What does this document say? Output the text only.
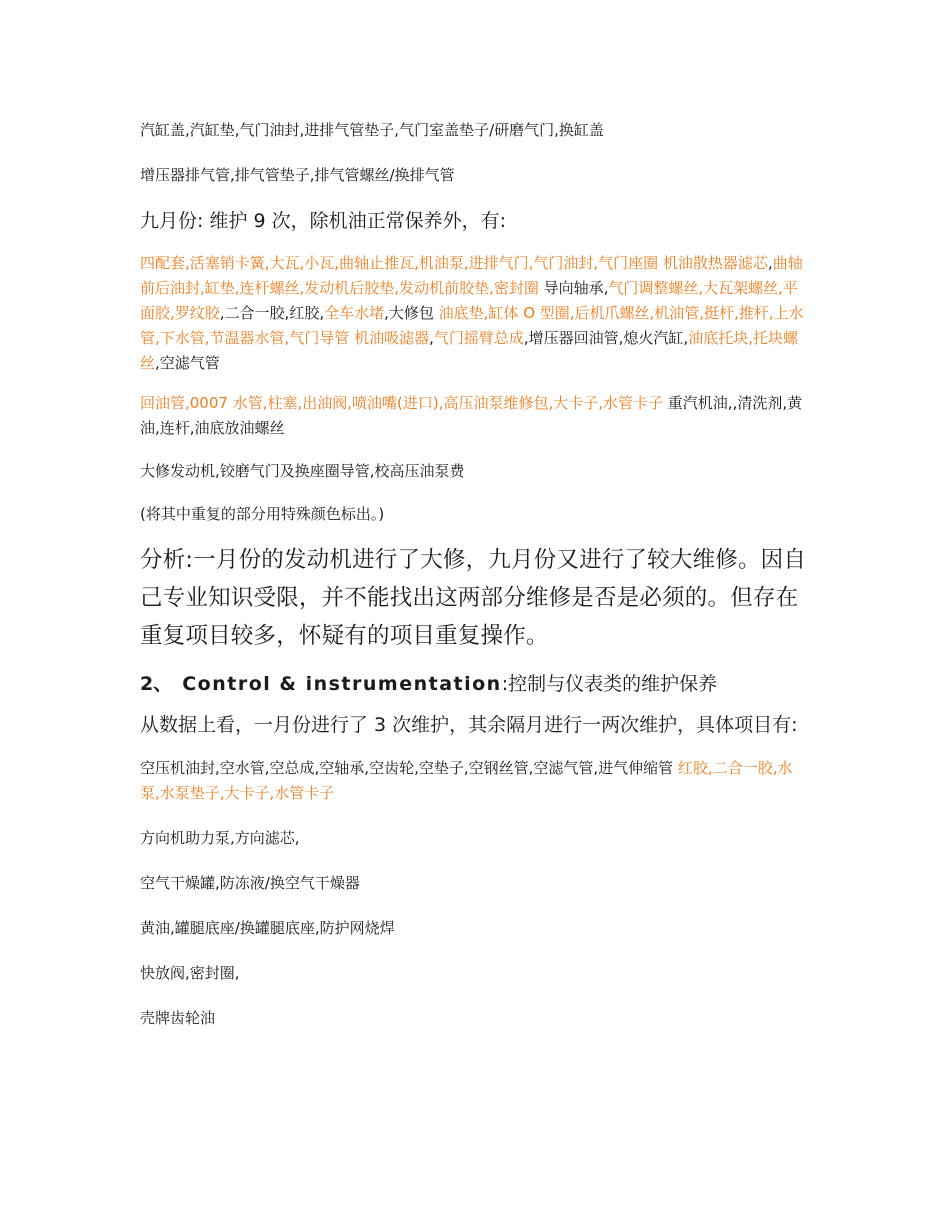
汽缸盖,汽缸垫,气门油封,进排气管垫子,气门室盖垫子/研磨气门,换缸盖

增压器排气管,排气管垫子,排气管螺丝/换排气管

九月份: 维护 9 次，除机油正常保养外，有:

四配套,活塞销卡簧,大瓦,小瓦,曲轴止推瓦,机油泵,进排气门,气门油封,气门座圈 机油散热器滤芯,曲轴前后油封,缸垫,连杆螺丝,发动机后胶垫,发动机前胶垫,密封圈 导向轴承,气门调整螺丝,大瓦架螺丝,平面胶,罗纹胶,二合一胶,红胶,全车水堵,大修包 油底垫,缸体 O 型圈,后机爪螺丝,机油管,挺杆,推杆,上水管,下水管,节温器水管,气门导管 机油吸滤器,气门摇臂总成,增压器回油管,熄火汽缸,油底托块,托块螺丝,空滤气管

回油管,0007 水管,柱塞,出油阀,喷油嘴(进口),高压油泵维修包,大卡子,水管卡子 重汽机油,,清洗剂,黄油,连杆,油底放油螺丝

大修发动机,铰磨气门及换座圈导管,校高压油泵费

(将其中重复的部分用特殊颜色标出。)

分析:一月份的发动机进行了大修，九月份又进行了较大维修。因自己专业知识受限，并不能找出这两部分维修是否是必须的。但存在重复项目较多，怀疑有的项目重复操作。

2、 Control & instrumentation:控制与仪表类的维护保养

从数据上看，一月份进行了 3 次维护，其余隔月进行一两次维护，具体项目有:

空压机油封,空水管,空总成,空轴承,空齿轮,空垫子,空钢丝管,空滤气管,进气伸缩管 红胶,二合一胶,水泵,水泵垫子,大卡子,水管卡子

方向机助力泵,方向滤芯,

空气干燥罐,防冻液/换空气干燥器

黄油,罐腿底座/换罐腿底座,防护网烧焊

快放阀,密封圈,

壳牌齿轮油
